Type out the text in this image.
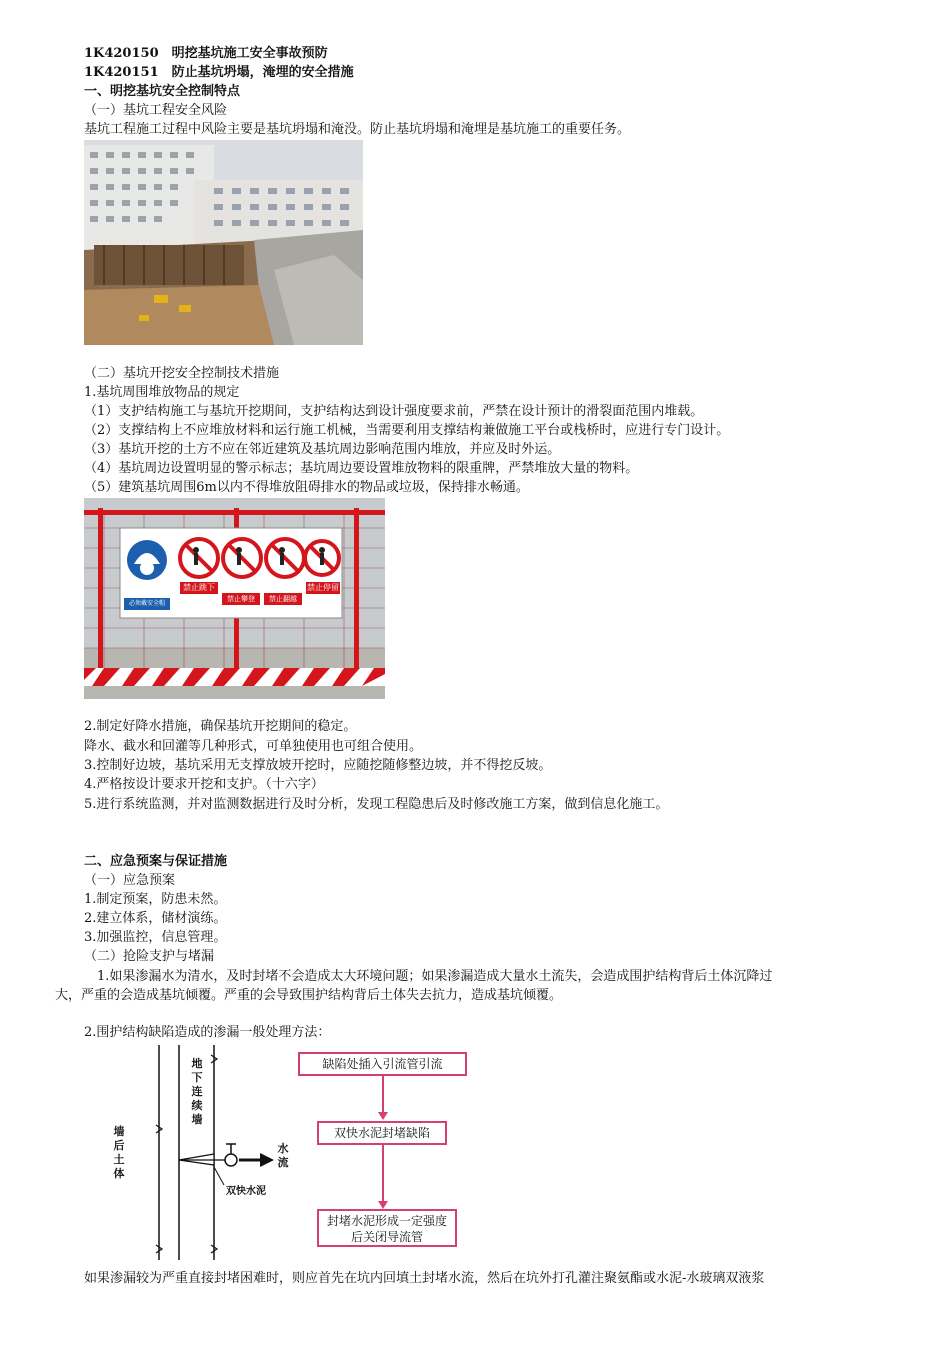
1K420150　明挖基坑施工安全事故预防
1K420151　防止基坑坍塌，淹埋的安全措施
一、明挖基坑安全控制特点
（一）基坑工程安全风险
基坑工程施工过程中风险主要是基坑坍塌和淹没。防止基坑坍塌和淹埋是基坑施工的重要任务。
（二）基坑开挖安全控制技术措施
1.基坑周围堆放物品的规定
（1）支护结构施工与基坑开挖期间，支护结构达到设计强度要求前，严禁在设计预计的滑裂面范围内堆载。
（2）支撑结构上不应堆放材料和运行施工机械，当需要利用支撑结构兼做施工平台或栈桥时，应进行专门设计。
（3）基坑开挖的土方不应在邻近建筑及基坑周边影响范围内堆放，并应及时外运。
（4）基坑周边设置明显的警示标志；基坑周边要设置堆放物料的限重牌，严禁堆放大量的物料。
（5）建筑基坑周围6m以内不得堆放阻碍排水的物品或垃圾，保持排水畅通。
必须戴安全帽
禁止跳下
禁止攀登	禁止翻越
禁止停留
2.制定好降水措施，确保基坑开挖期间的稳定。
降水、截水和回灌等几种形式，可单独使用也可组合使用。
3.控制好边坡，基坑采用无支撑放坡开挖时，应随挖随修整边坡，并不得挖反坡。
4.严格按设计要求开挖和支护。（十六字）
5.进行系统监测，并对监测数据进行及时分析，发现工程隐患后及时修改施工方案，做到信息化施工。
二、应急预案与保证措施
（一）应急预案
1.制定预案，防患未然。
2.建立体系，储材演练。
3.加强监控，信息管理。
（二）抢险支护与堵漏
　1.如果渗漏水为清水，及时封堵不会造成太大环境问题；如果渗漏造成大量水土流失，会造成围护结构背后土体沉降过
大，严重的会造成基坑倾覆。严重的会导致围护结构背后土体失去抗力，造成基坑倾覆。
2.围护结构缺陷造成的渗漏一般处理方法：
墙后土体
地下连续墙
水流
双快水泥
缺陷处插入引流管引流
双快水泥封堵缺陷
封堵水泥形成一定强度后关闭导流管
如果渗漏较为严重直接封堵困难时，则应首先在坑内回填土封堵水流，然后在坑外打孔灌注聚氨酯或水泥-水玻璃双液浆
